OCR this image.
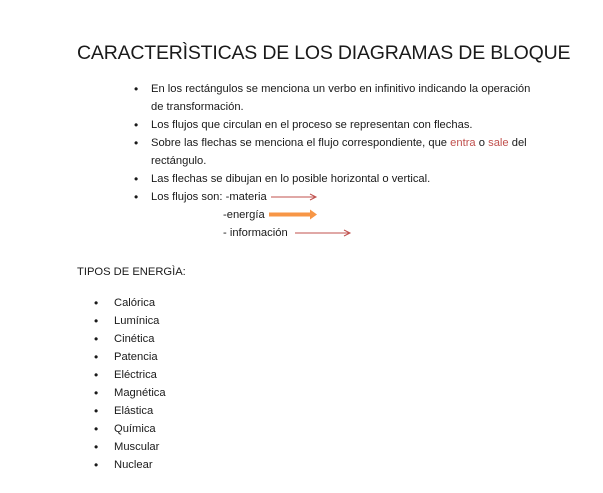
CARACTERÌSTICAS DE LOS DIAGRAMAS DE BLOQUE
• En los rectángulos se menciona un verbo en infinitivo indicando la operación de transformación.
• Los flujos que circulan en el proceso se representan con flechas.
• Sobre las flechas se menciona el flujo correspondiente, que entra o sale del rectángulo.
• Las flechas se dibujan en lo posible horizontal o vertical.
• Los flujos son: -materia
-energía
- información

TIPOS DE ENERGÌA:

• Calórica
• Lumínica
• Cinética
• Patencia
• Eléctrica
• Magnética
• Elástica
• Química
• Muscular
• Nuclear
